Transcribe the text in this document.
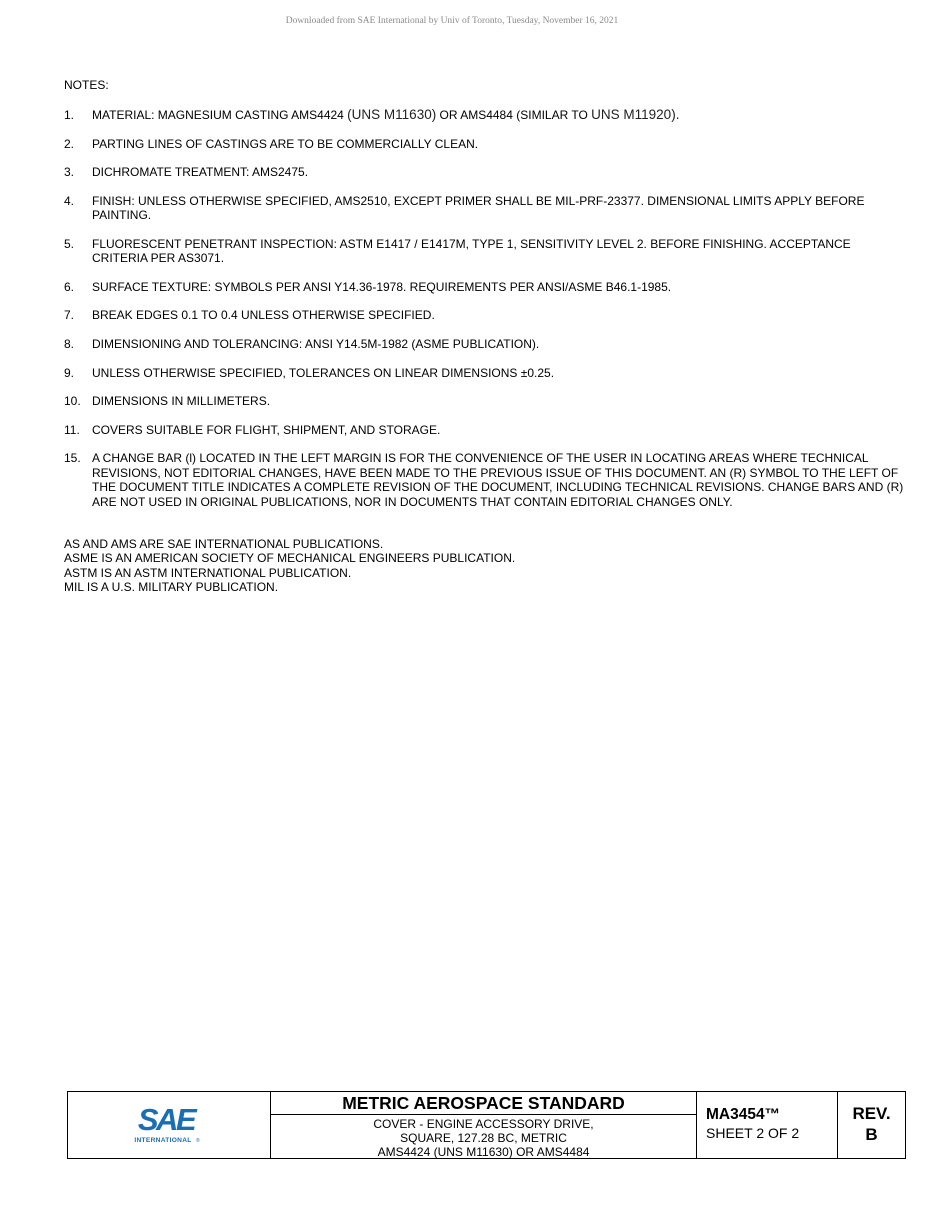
Downloaded from SAE International by Univ of Toronto, Tuesday, November 16, 2021
NOTES:
1. MATERIAL: MAGNESIUM CASTING AMS4424 (UNS M11630) OR AMS4484 (SIMILAR TO UNS M11920).
2. PARTING LINES OF CASTINGS ARE TO BE COMMERCIALLY CLEAN.
3. DICHROMATE TREATMENT: AMS2475.
4. FINISH: UNLESS OTHERWISE SPECIFIED, AMS2510, EXCEPT PRIMER SHALL BE MIL-PRF-23377. DIMENSIONAL LIMITS APPLY BEFORE PAINTING.
5. FLUORESCENT PENETRANT INSPECTION: ASTM E1417 / E1417M, TYPE 1, SENSITIVITY LEVEL 2. BEFORE FINISHING. ACCEPTANCE CRITERIA PER AS3071.
6. SURFACE TEXTURE: SYMBOLS PER ANSI Y14.36-1978. REQUIREMENTS PER ANSI/ASME B46.1-1985.
7. BREAK EDGES 0.1 TO 0.4 UNLESS OTHERWISE SPECIFIED.
8. DIMENSIONING AND TOLERANCING: ANSI Y14.5M-1982 (ASME PUBLICATION).
9. UNLESS OTHERWISE SPECIFIED, TOLERANCES ON LINEAR DIMENSIONS ±0.25.
10. DIMENSIONS IN MILLIMETERS.
11. COVERS SUITABLE FOR FLIGHT, SHIPMENT, AND STORAGE.
15. A CHANGE BAR (l) LOCATED IN THE LEFT MARGIN IS FOR THE CONVENIENCE OF THE USER IN LOCATING AREAS WHERE TECHNICAL REVISIONS, NOT EDITORIAL CHANGES, HAVE BEEN MADE TO THE PREVIOUS ISSUE OF THIS DOCUMENT. AN (R) SYMBOL TO THE LEFT OF THE DOCUMENT TITLE INDICATES A COMPLETE REVISION OF THE DOCUMENT, INCLUDING TECHNICAL REVISIONS. CHANGE BARS AND (R) ARE NOT USED IN ORIGINAL PUBLICATIONS, NOR IN DOCUMENTS THAT CONTAIN EDITORIAL CHANGES ONLY.
AS AND AMS ARE SAE INTERNATIONAL PUBLICATIONS.
ASME IS AN AMERICAN SOCIETY OF MECHANICAL ENGINEERS PUBLICATION.
ASTM IS AN ASTM INTERNATIONAL PUBLICATION.
MIL IS A U.S. MILITARY PUBLICATION.
SAE
INTERNATIONAL ®
METRIC AEROSPACE STANDARD
COVER - ENGINE ACCESSORY DRIVE,
SQUARE, 127.28 BC, METRIC
AMS4424 (UNS M11630) OR AMS4484
MA3454™
SHEET 2 OF 2
REV.
B
